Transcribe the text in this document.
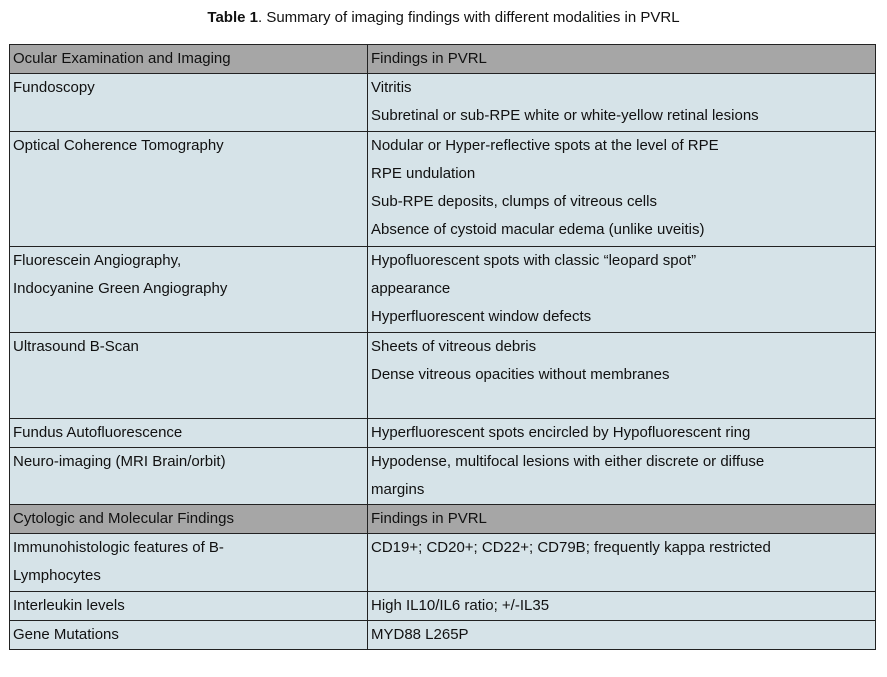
Table 1. Summary of imaging findings with different modalities in PVRL
Ocular Examination and Imaging	Findings in PVRL

Fundoscopy	Vitritis
Subretinal or sub-RPE white or white-yellow retinal lesions

Optical Coherence Tomography	Nodular or Hyper-reflective spots at the level of RPE
RPE undulation
Sub-RPE deposits, clumps of vitreous cells
Absence of cystoid macular edema (unlike uveitis)

Fluorescein Angiography,
Indocyanine Green Angiography	Hypofluorescent spots with classic “leopard spot”
appearance
Hyperfluorescent window defects

Ultrasound B-Scan	Sheets of vitreous debris
Dense vitreous opacities without membranes

Fundus Autofluorescence	Hyperfluorescent spots encircled by Hypofluorescent ring

Neuro-imaging (MRI Brain/orbit)	Hypodense, multifocal lesions with either discrete or diffuse
margins

Cytologic and Molecular Findings	Findings in PVRL

Immunohistologic features of B-
Lymphocytes	CD19+; CD20+; CD22+; CD79B; frequently kappa restricted

Interleukin levels	High IL10/IL6 ratio; +/-IL35

Gene Mutations	MYD88 L265P
